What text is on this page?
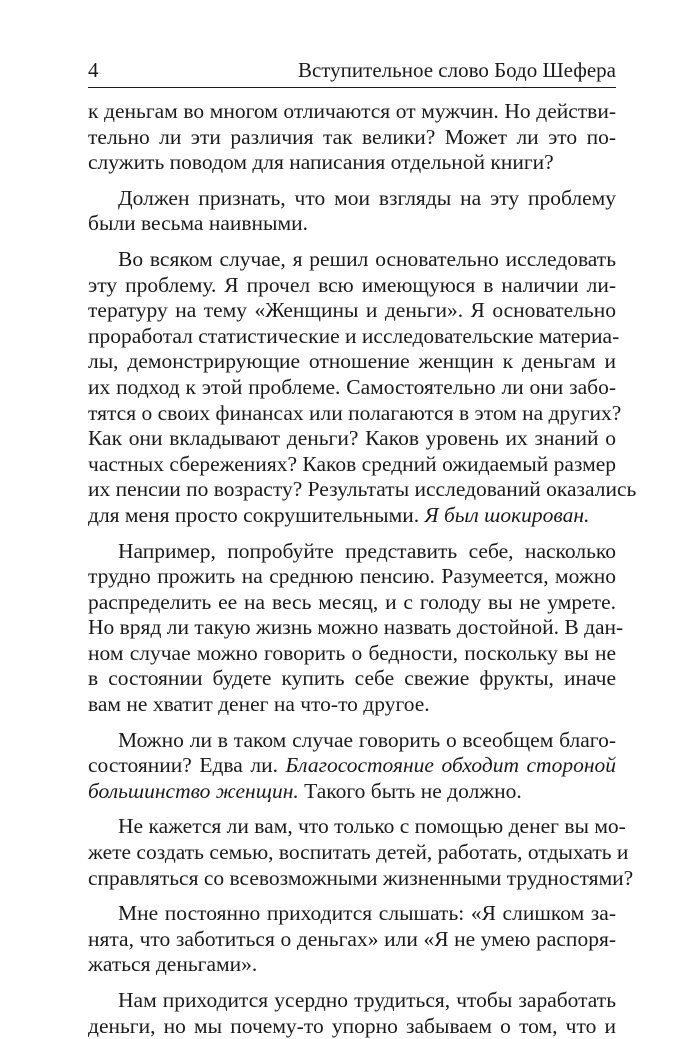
4	Вступительное слово Бодо Шефера
к деньгам во многом отличаются от мужчин. Но действи-
тельно ли эти различия так велики? Может ли это по-
служить поводом для написания отдельной книги?
Должен признать, что мои взгляды на эту проблему
были весьма наивными.
Во всяком случае, я решил основательно исследовать
эту проблему. Я прочел всю имеющуюся в наличии ли-
тературу на тему «Женщины и деньги». Я основательно
проработал статистические и исследовательские материа-
лы, демонстрирующие отношение женщин к деньгам и
их подход к этой проблеме. Самостоятельно ли они забо-
тятся о своих финансах или полагаются в этом на других?
Как они вкладывают деньги? Каков уровень их знаний о
частных сбережениях? Каков средний ожидаемый размер
их пенсии по возрасту? Результаты исследований оказались
для меня просто сокрушительными. Я был шокирован.
Например, попробуйте представить себе, насколько
трудно прожить на среднюю пенсию. Разумеется, можно
распределить ее на весь месяц, и с голоду вы не умрете.
Но вряд ли такую жизнь можно назвать достойной. В дан-
ном случае можно говорить о бедности, поскольку вы не
в состоянии будете купить себе свежие фрукты, иначе
вам не хватит денег на что-то другое.
Можно ли в таком случае говорить о всеобщем благо-
состоянии? Едва ли. Благосостояние обходит стороной
большинство женщин. Такого быть не должно.
Не кажется ли вам, что только с помощью денег вы мо-
жете создать семью, воспитать детей, работать, отдыхать и
справляться со всевозможными жизненными трудностями?
Мне постоянно приходится слышать: «Я слишком за-
нята, что заботиться о деньгах» или «Я не умею распоря-
жаться деньгами».
Нам приходится усердно трудиться, чтобы заработать
деньги, но мы почему-то упорно забываем о том, что и
